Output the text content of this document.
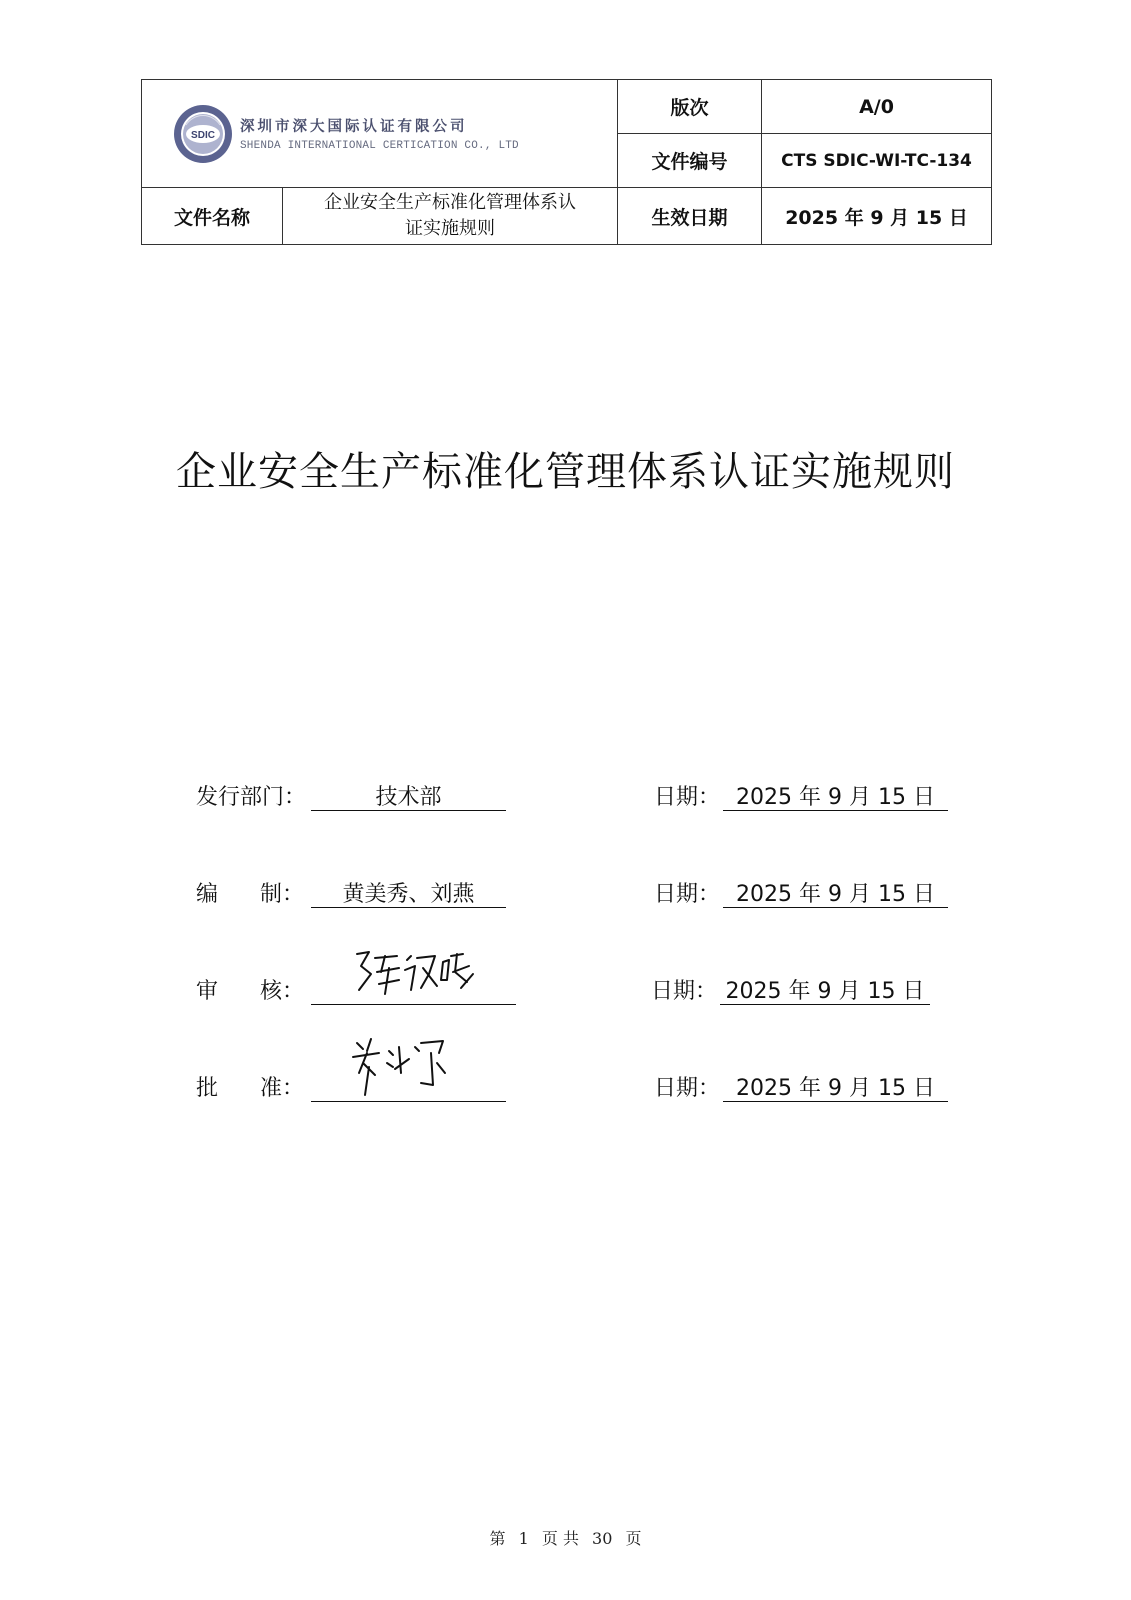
SDIC 深圳市深大国际认证有限公司
SHENDA INTERNATIONAL CERTICATION CO., LTD		版次	A/0
		文件编号	CTS SDIC-WI-TC-134
文件名称	企业安全生产标准化管理体系认
证实施规则	生效日期	2025 年 9 月 15 日
企业安全生产标准化管理体系认证实施规则
发行部门：	技术部	日期： 2025 年 9 月 15 日
编      制：	黄美秀、刘燕	日期： 2025 年 9 月 15 日
审      核：	日期： 2025 年 9 月 15 日
批      准：	日期： 2025 年 9 月 15 日
第 1 页 共 30 页
